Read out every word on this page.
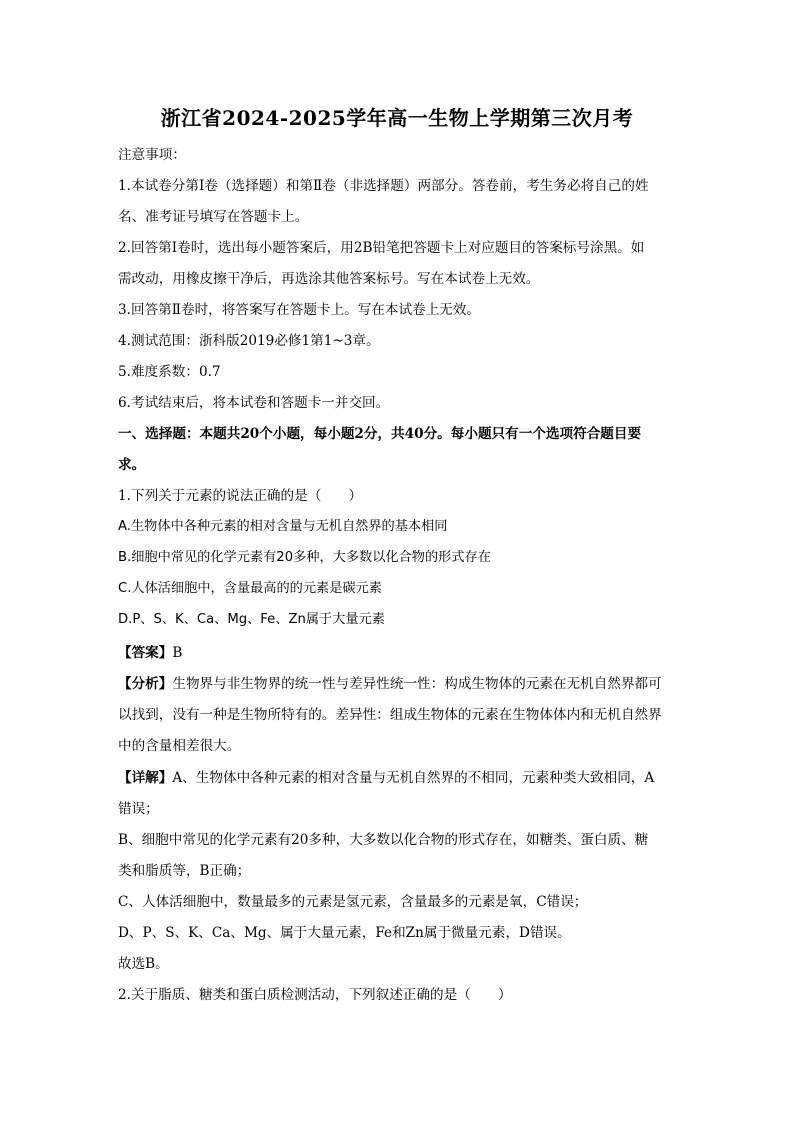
浙江省2024-2025学年高一生物上学期第三次月考
注意事项：
1.本试卷分第Ⅰ卷（选择题）和第Ⅱ卷（非选择题）两部分。答卷前，考生务必将自己的姓
名、准考证号填写在答题卡上。
2.回答第Ⅰ卷时，选出每小题答案后，用2B铅笔把答题卡上对应题目的答案标号涂黑。如
需改动，用橡皮擦干净后，再选涂其他答案标号。写在本试卷上无效。
3.回答第Ⅱ卷时，将答案写在答题卡上。写在本试卷上无效。
4.测试范围：浙科版2019必修1第1~3章。
5.难度系数：0.7
6.考试结束后，将本试卷和答题卡一并交回。
一、选择题：本题共20个小题，每小题2分，共40分。每小题只有一个选项符合题目要
求。
1.下列关于元素的说法正确的是（　　）
A.生物体中各种元素的相对含量与无机自然界的基本相同
B.细胞中常见的化学元素有20多种，大多数以化合物的形式存在
C.人体活细胞中，含量最高的的元素是碳元素
D.P、S、K、Ca、Mg、Fe、Zn属于大量元素
【答案】B
【分析】生物界与非生物界的统一性与差异性统一性：构成生物体的元素在无机自然界都可
以找到，没有一种是生物所特有的。差异性：组成生物体的元素在生物体体内和无机自然界
中的含量相差很大。
【详解】A、生物体中各种元素的相对含量与无机自然界的不相同，元素种类大致相同，A
错误；
B、细胞中常见的化学元素有20多种，大多数以化合物的形式存在，如糖类、蛋白质、糖
类和脂质等，B正确；
C、人体活细胞中，数量最多的元素是氢元素，含量最多的元素是氧，C错误；
D、P、S、K、Ca、Mg、属于大量元素，Fe和Zn属于微量元素，D错误。
故选B。
2.关于脂质、糖类和蛋白质检测活动，下列叙述正确的是（　　）
